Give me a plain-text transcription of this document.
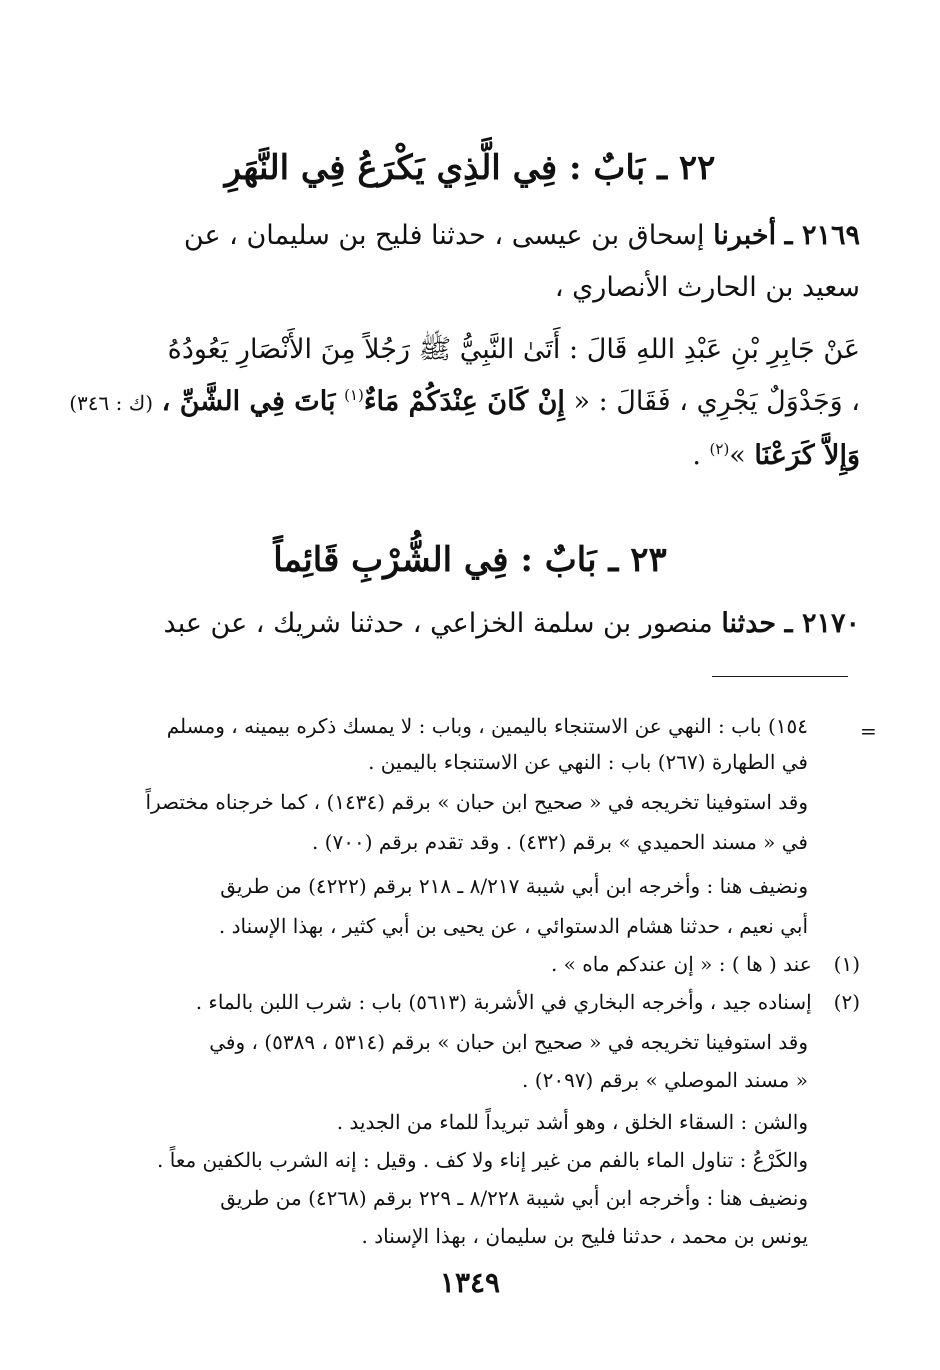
٢٢ ـ بَابٌ : فِي الَّذِي يَكْرَعُ فِي النَّهَرِ
٢١٦٩ ـ أخبرنا إسحاق بن عيسى ، حدثنا فليح بن سليمان ، عن
سعيد بن الحارث الأنصاري ،
عَنْ جَابِرِ بْنِ عَبْدِ اللهِ قَالَ : أَتَىٰ النَّبِيُّ ﷺ رَجُلاً مِنَ الأَنْصَارِ يَعُودُهُ
، وَجَدْوَلٌ يَجْرِي ، فَقَالَ : « إِنْ كَانَ عِنْدَكُمْ مَاءٌ$^{(١)}$ بَاتَ فِي الشَّنِّ ، (ك : ٣٤٦)
وَإِلاَّ كَرَعْنَا »$^{(٢)}$ .
٢٣ ـ بَابٌ : فِي الشُّرْبِ قَائِماً
٢١٧٠ ـ حدثنا منصور بن سلمة الخزاعي ، حدثنا شريك ، عن عبد
=
١٥٤) باب : النهي عن الاستنجاء باليمين ، وباب : لا يمسك ذكره بيمينه ، ومسلم
في الطهارة (٢٦٧) باب : النهي عن الاستنجاء باليمين .
وقد استوفينا تخريجه في « صحيح ابن حبان » برقم (١٤٣٤) ، كما خرجناه مختصراً
في « مسند الحميدي » برقم (٤٣٢) . وقد تقدم برقم (٧٠٠) .
ونضيف هنا : وأخرجه ابن أبي شيبة ٨/٢١٧ ـ ٢١٨ برقم (٤٢٢٢) من طريق
أبي نعيم ، حدثنا هشام الدستوائي ، عن يحيى بن أبي كثير ، بهذا الإسناد .
(١) عند ( ها ) : « إن عندكم ماه » .
(٢) إسناده جيد ، وأخرجه البخاري في الأشربة (٥٦١٣) باب : شرب اللبن بالماء .
وقد استوفينا تخريجه في « صحيح ابن حبان » برقم (٥٣١٤ ، ٥٣٨٩) ، وفي
« مسند الموصلي » برقم (٢٠٩٧) .
والشن : السقاء الخلق ، وهو أشد تبريداً للماء من الجديد .
والكَرْعُ : تناول الماء بالفم من غير إناء ولا كف . وقيل : إنه الشرب بالكفين معاً .
ونضيف هنا : وأخرجه ابن أبي شيبة ٨/٢٢٨ ـ ٢٢٩ برقم (٤٢٦٨) من طريق
يونس بن محمد ، حدثنا فليح بن سليمان ، بهذا الإسناد .
١٣٤٩
